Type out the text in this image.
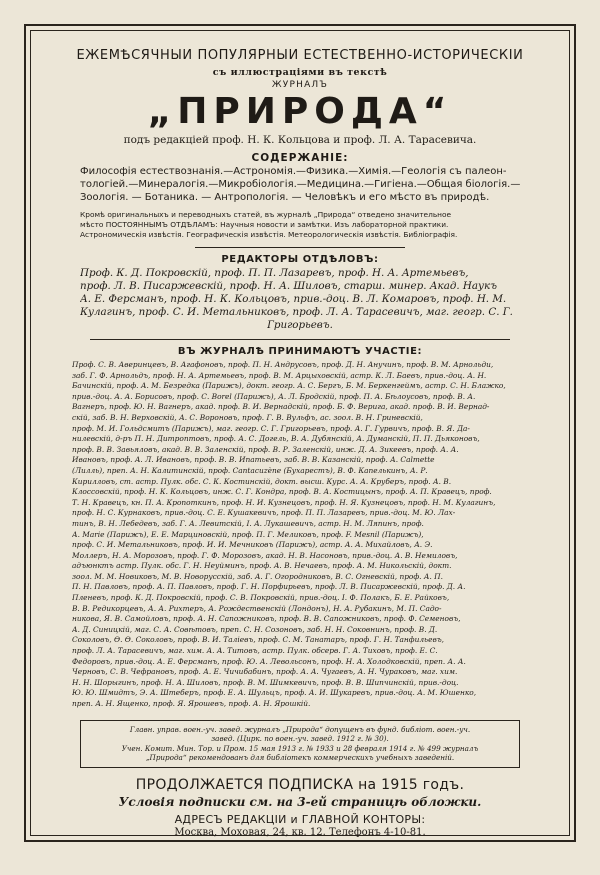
ЕЖЕМѢСЯЧНЫЙ ПОПУЛЯРНЫЙ ЕСТЕСТВЕННО-ИСТОРИЧЕСКІЙ
съ иллюстраціями въ текстѣ
ЖУРНАЛЪ
„ПРИРОДА“
подъ редакціей проф. Н. К. Кольцова и проф. Л. А. Тарасевича.
СОДЕРЖАНІЕ:
Философія естествознанія.—Астрономія.—Физика.—Химія.—Геологія съ палеон-
тологіей.—Минералогія.—Микробіологія.—Медицина.—Гигіена.—Общая біологія.—
Зоологія. — Ботаника. — Антропологія. — Человѣкъ и его мѣсто въ природѣ.
Кромѣ оригинальныхъ и переводныхъ статей, въ журналѣ „Природа“ отведено значительное
мѣсто ПОСТОЯННЫМЪ ОТДѢЛАМЪ: Научныя новости и замѣтки. Изъ лабораторной практики.
Астрономическія извѣстія. Географическія извѣстія. Метеорологическія извѣстія. Библіографія.
РЕДАКТОРЫ ОТДѢЛОВЪ:
Проф. К. Д. Покровскій, проф. П. П. Лазаревъ, проф. Н. А. Артемьевъ,
проф. Л. В. Писаржевскій, проф. Н. А. Шиловъ, старш. минер. Акад. Наукъ
А. Е. Ферсманъ, проф. Н. К. Кольцовъ, прив.-доц. В. Л. Комаровъ, проф. Н. М.
Кулагинъ, проф. С. И. Метальниковъ, проф. Л. А. Тарасевичъ, маг. геогр. С. Г.
Григорьевъ.
ВЪ ЖУРНАЛѢ ПРИНИМАЮТЪ УЧАСТІЕ:
Проф. С. В. Аверинцевъ, В. Агафоновъ, проф. П. Н. Андрусовъ, проф. Д. Н. Анучинъ, проф. В. М. Арнольди,
заб. Г. Ф. Арнольдъ, проф. Н. А. Артемьевъ, проф. В. М. Арцыховскій, астр. К. Л. Баевъ, прив.-доц. А. Н.
Бачинскій, проф. А. М. Безредка (Парижъ), докт. геогр. А. С. Бергъ, Б. М. Беркенгеймъ, астр. С. Н. Блажко,
прив.-доц. А. А. Борисовъ, проф. С. Borel (Парижъ), А. Л. Бродскій, проф. П. А. Бѣлоусовъ, проф. В. А.
Вагнеръ, проф. Ю. Н. Вагнеръ, акад. проф. В. И. Вернадскій, проф. Б. Ф. Верига, акад. проф. В. И. Вернад-
скій, заб. В. Н. Верховскій, А. С. Вороновъ, проф. Г. В. Вульфъ, ас. зоол. В. Н. Гриневскій,
проф. М. И. Гольдсмитъ (Парижъ), маг. геогр. С. Г. Григорьевъ, проф. А. Г. Гурвичъ, проф. В. Я. Да-
нилевскій, д-ръ П. Н. Дитроптовъ, проф. А. С. Догель, В. А. Дубянскій, А. Думанскій, П. П. Дьяконовъ,
проф. В. В. Завьяловъ, акад. В. В. Заленскій, проф. В. Р. Заленскій, инж. Д. А. Зикеевъ, проф. А. А.
Ивановъ, проф. А. Л. Ивановъ, проф. В. В. Ипатьевъ, заб. В. В. Казанскій, проф. А. Calmette
(Лилль), преп. А. Н. Калитинскій, проф. Cantacuzène (Бухарестъ), В. Ф. Капелькинъ, А. Р.
Кирилловъ, ст. астр. Пулк. обс. С. К. Костинскій, докт. высш. Курс. А. А. Круберъ, проф. А. В.
Клоссовскій, проф. Н. К. Кольцовъ, инж. С. Г. Кондра, проф. В. А. Костицынъ, проф. А. П. Кравецъ, проф.
Т. Н. Кравецъ, кн. П. А. Кропоткинъ, проф. Н. И. Кузнецовъ, проф. Н. Я. Кузнецовъ, проф. Н. М. Кулагинъ,
проф. Н. С. Курнаковъ, прив.-доц. С. Е. Кушакевичъ, проф. П. П. Лазаревъ, прив.-доц. М. Ю. Лах-
тинъ, В. Н. Лебедевъ, заб. Г. А. Левитскій, І. А. Лукашевичъ, астр. Н. М. Ляпинъ, проф.
А. Marie (Парижъ), Е. Е. Марциновскій, проф. П. Г. Меликовъ, проф. F. Mesnil (Парижъ),
проф. С. И. Метальниковъ, проф. И. И. Мечниковъ (Парижъ), астр. А. А. Михайловъ, А. Э.
Моллеръ, Н. А. Морозовъ, проф. Г. Ф. Морозовъ, акад. Н. В. Насоновъ, прив.-доц. А. В. Немиловъ,
адъюнктъ астр. Пулк. обс. Г. Н. Неуйминъ, проф. А. В. Нечаевъ, проф. А. М. Никольскій, докт.
зоол. М. М. Новиковъ, М. В. Новорусскій, заб. А. Г. Огородниковъ, В. С. Огневскій, проф. А. П.
П. Н. Павловъ, проф. А. П. Павловъ, проф. Г. Н. Порфирьевъ, проф. Л. В. Писаржевскій, проф. Д. А.
Пленевъ, проф. К. Д. Покровскій, проф. С. В. Покровскій, прив.-доц. І. Ф. Полакъ, Б. Е. Райковъ,
В. В. Редикорцевъ, А. А. Рихтеръ, А. Рождественскій (Лондонъ), Н. А. Рубакинъ, М. П. Садо-
никова, Я. В. Самойловъ, проф. А. Н. Сапожниковъ, проф. В. В. Сапожниковъ, проф. Ф. Семеновъ,
А. Д. Синицкій, маг. С. А. Совѣтовъ, преп. С. Н. Созоновъ, заб. Н. Н. Соковнинъ, проф. В. Д.
Соколовъ, Ѳ. Ѳ. Соколовъ, проф. В. И. Таліевъ, проф. С. М. Танатаръ, проф. Г. Н. Танфильевъ,
проф. Л. А. Тарасевичъ, маг. хим. А. А. Титовъ, астр. Пулк. обсерв. Г. А. Тиховъ, проф. Е. С.
Федоровъ, прив.-доц. А. Е. Ферсманъ, проф. Ю. А. Левольсонъ, проф. Н. А. Холодковскій, преп. А. А.
Черновъ, С. В. Чефрановъ, проф. А. Е. Чичибабинъ, проф. А. А. Чугаевъ, А. Н. Чураковъ, маг. хим.
Н. Н. Шорыгинъ, проф. Н. А. Шиловъ, проф. В. М. Шимкевичъ, проф. В. В. Шипчинскій, прив.-доц.
Ю. Ю. Шмидтъ, Э. А. Штеберъ, проф. Е. А. Шульцъ, проф. А. И. Шукаревъ, прив.-доц. А. М. Юшенко,
преп. А. Н. Ященко, проф. Я. Ярошевъ, проф. А. Н. Ярошкій.
Главн. управ. воен.-уч. завед. журналъ „Природа“ допущенъ въ фунд. библіот. воен.-уч.
завед. (Цирк. по воен.-уч. завед. 1912 г. № 30).
Учен. Комит. Мин. Тор. и Пром. 15 мая 1913 г. № 1933 и 28 февраля 1914 г. № 499 журналъ
„Природа“ рекомендованъ для библіотекъ коммерческихъ учебныхъ заведеній.
ПРОДОЛЖАЕТСЯ ПОДПИСКА на 1915 годъ.
Условія подписки см. на 3-ей страницѣ обложки.
АДРЕСЪ РЕДАКЦІИ и ГЛАВНОЙ КОНТОРЫ:
Москва, Моховая, 24, кв. 12. Телефонъ 4-10-81.
